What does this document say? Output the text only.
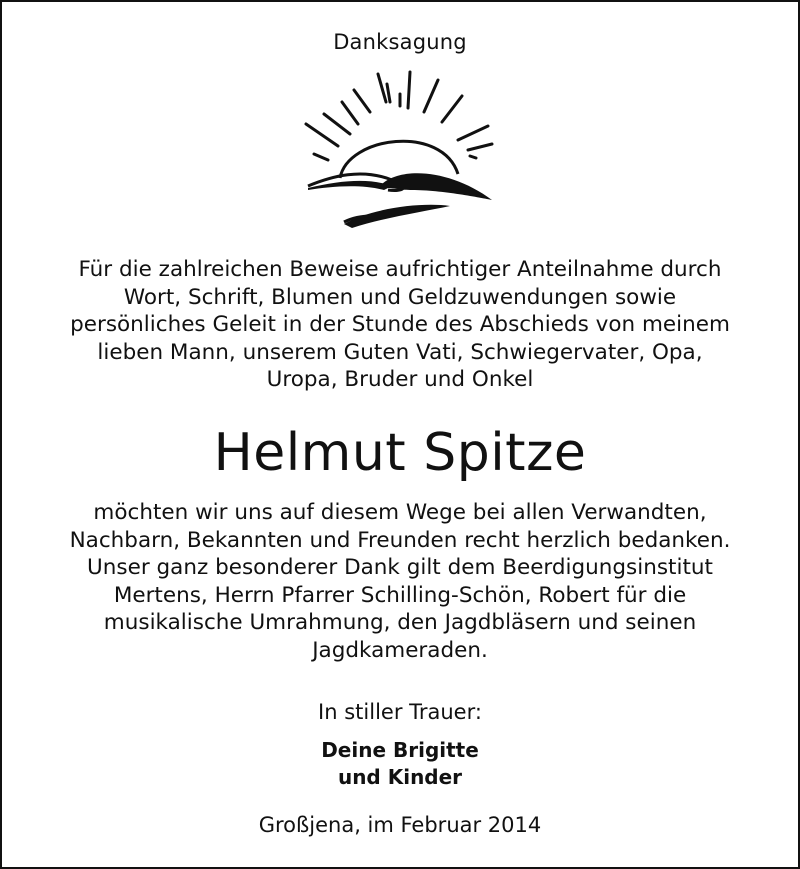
Danksagung
Für die zahlreichen Beweise aufrichtiger Anteilnahme durch
Wort, Schrift, Blumen und Geldzuwendungen sowie
persönliches Geleit in der Stunde des Abschieds von meinem
lieben Mann, unserem Guten Vati, Schwiegervater, Opa,
Uropa, Bruder und Onkel
Helmut Spitze
möchten wir uns auf diesem Wege bei allen Verwandten,
Nachbarn, Bekannten und Freunden recht herzlich bedanken.
Unser ganz besonderer Dank gilt dem Beerdigungsinstitut
Mertens, Herrn Pfarrer Schilling-Schön, Robert für die
musikalische Umrahmung, den Jagdbläsern und seinen
Jagdkameraden.
In stiller Trauer:
Deine Brigitte
und Kinder
Großjena, im Februar 2014
